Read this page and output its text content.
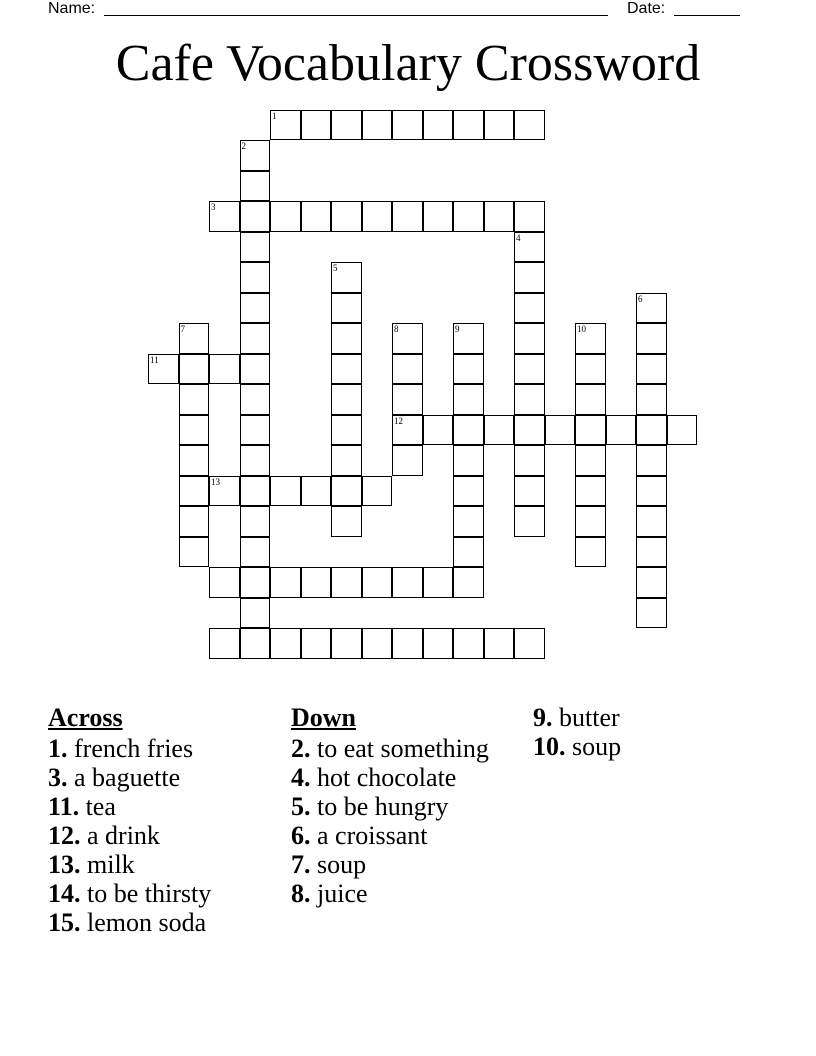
Name:	Date:
Cafe Vocabulary Crossword
1
2
3
4
5
6
7	8	9	10
11
12
13
Across
1. french fries
3. a baguette
11. tea
12. a drink
13. milk
14. to be thirsty
15. lemon soda
Down
2. to eat something
4. hot chocolate
5. to be hungry
6. a croissant
7. soup
8. juice
9. butter
10. soup
